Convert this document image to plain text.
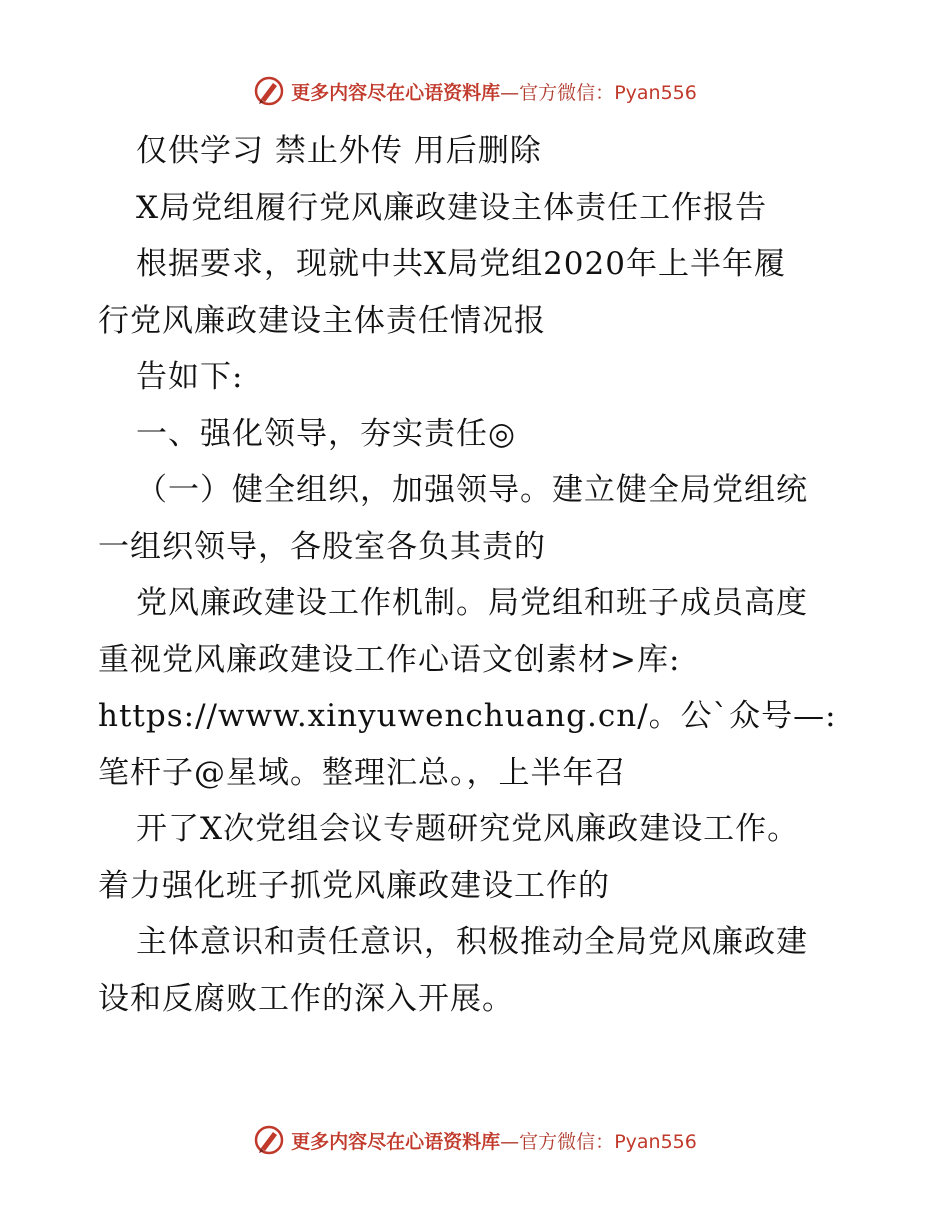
更多内容尽在心语资料库—官方微信：Pyan556
仅供学习 禁止外传 用后删除
X局党组履行党风廉政建设主体责任工作报告
根据要求，现就中共X局党组2020年上半年履
行党风廉政建设主体责任情况报
告如下:
一、强化领导，夯实责任◎
（一）健全组织，加强领导。建立健全局党组统
一组织领导，各股室各负其责的
党风廉政建设工作机制。局党组和班子成员高度
重视党风廉政建设工作心语文创素材>库:
https://www.xinyuwenchuang.cn/。公`众号—:
笔杆子@星域。整理汇总。，上半年召
开了X次党组会议专题研究党风廉政建设工作。
着力强化班子抓党风廉政建设工作的
主体意识和责任意识，积极推动全局党风廉政建
设和反腐败工作的深入开展。
更多内容尽在心语资料库—官方微信：Pyan556
